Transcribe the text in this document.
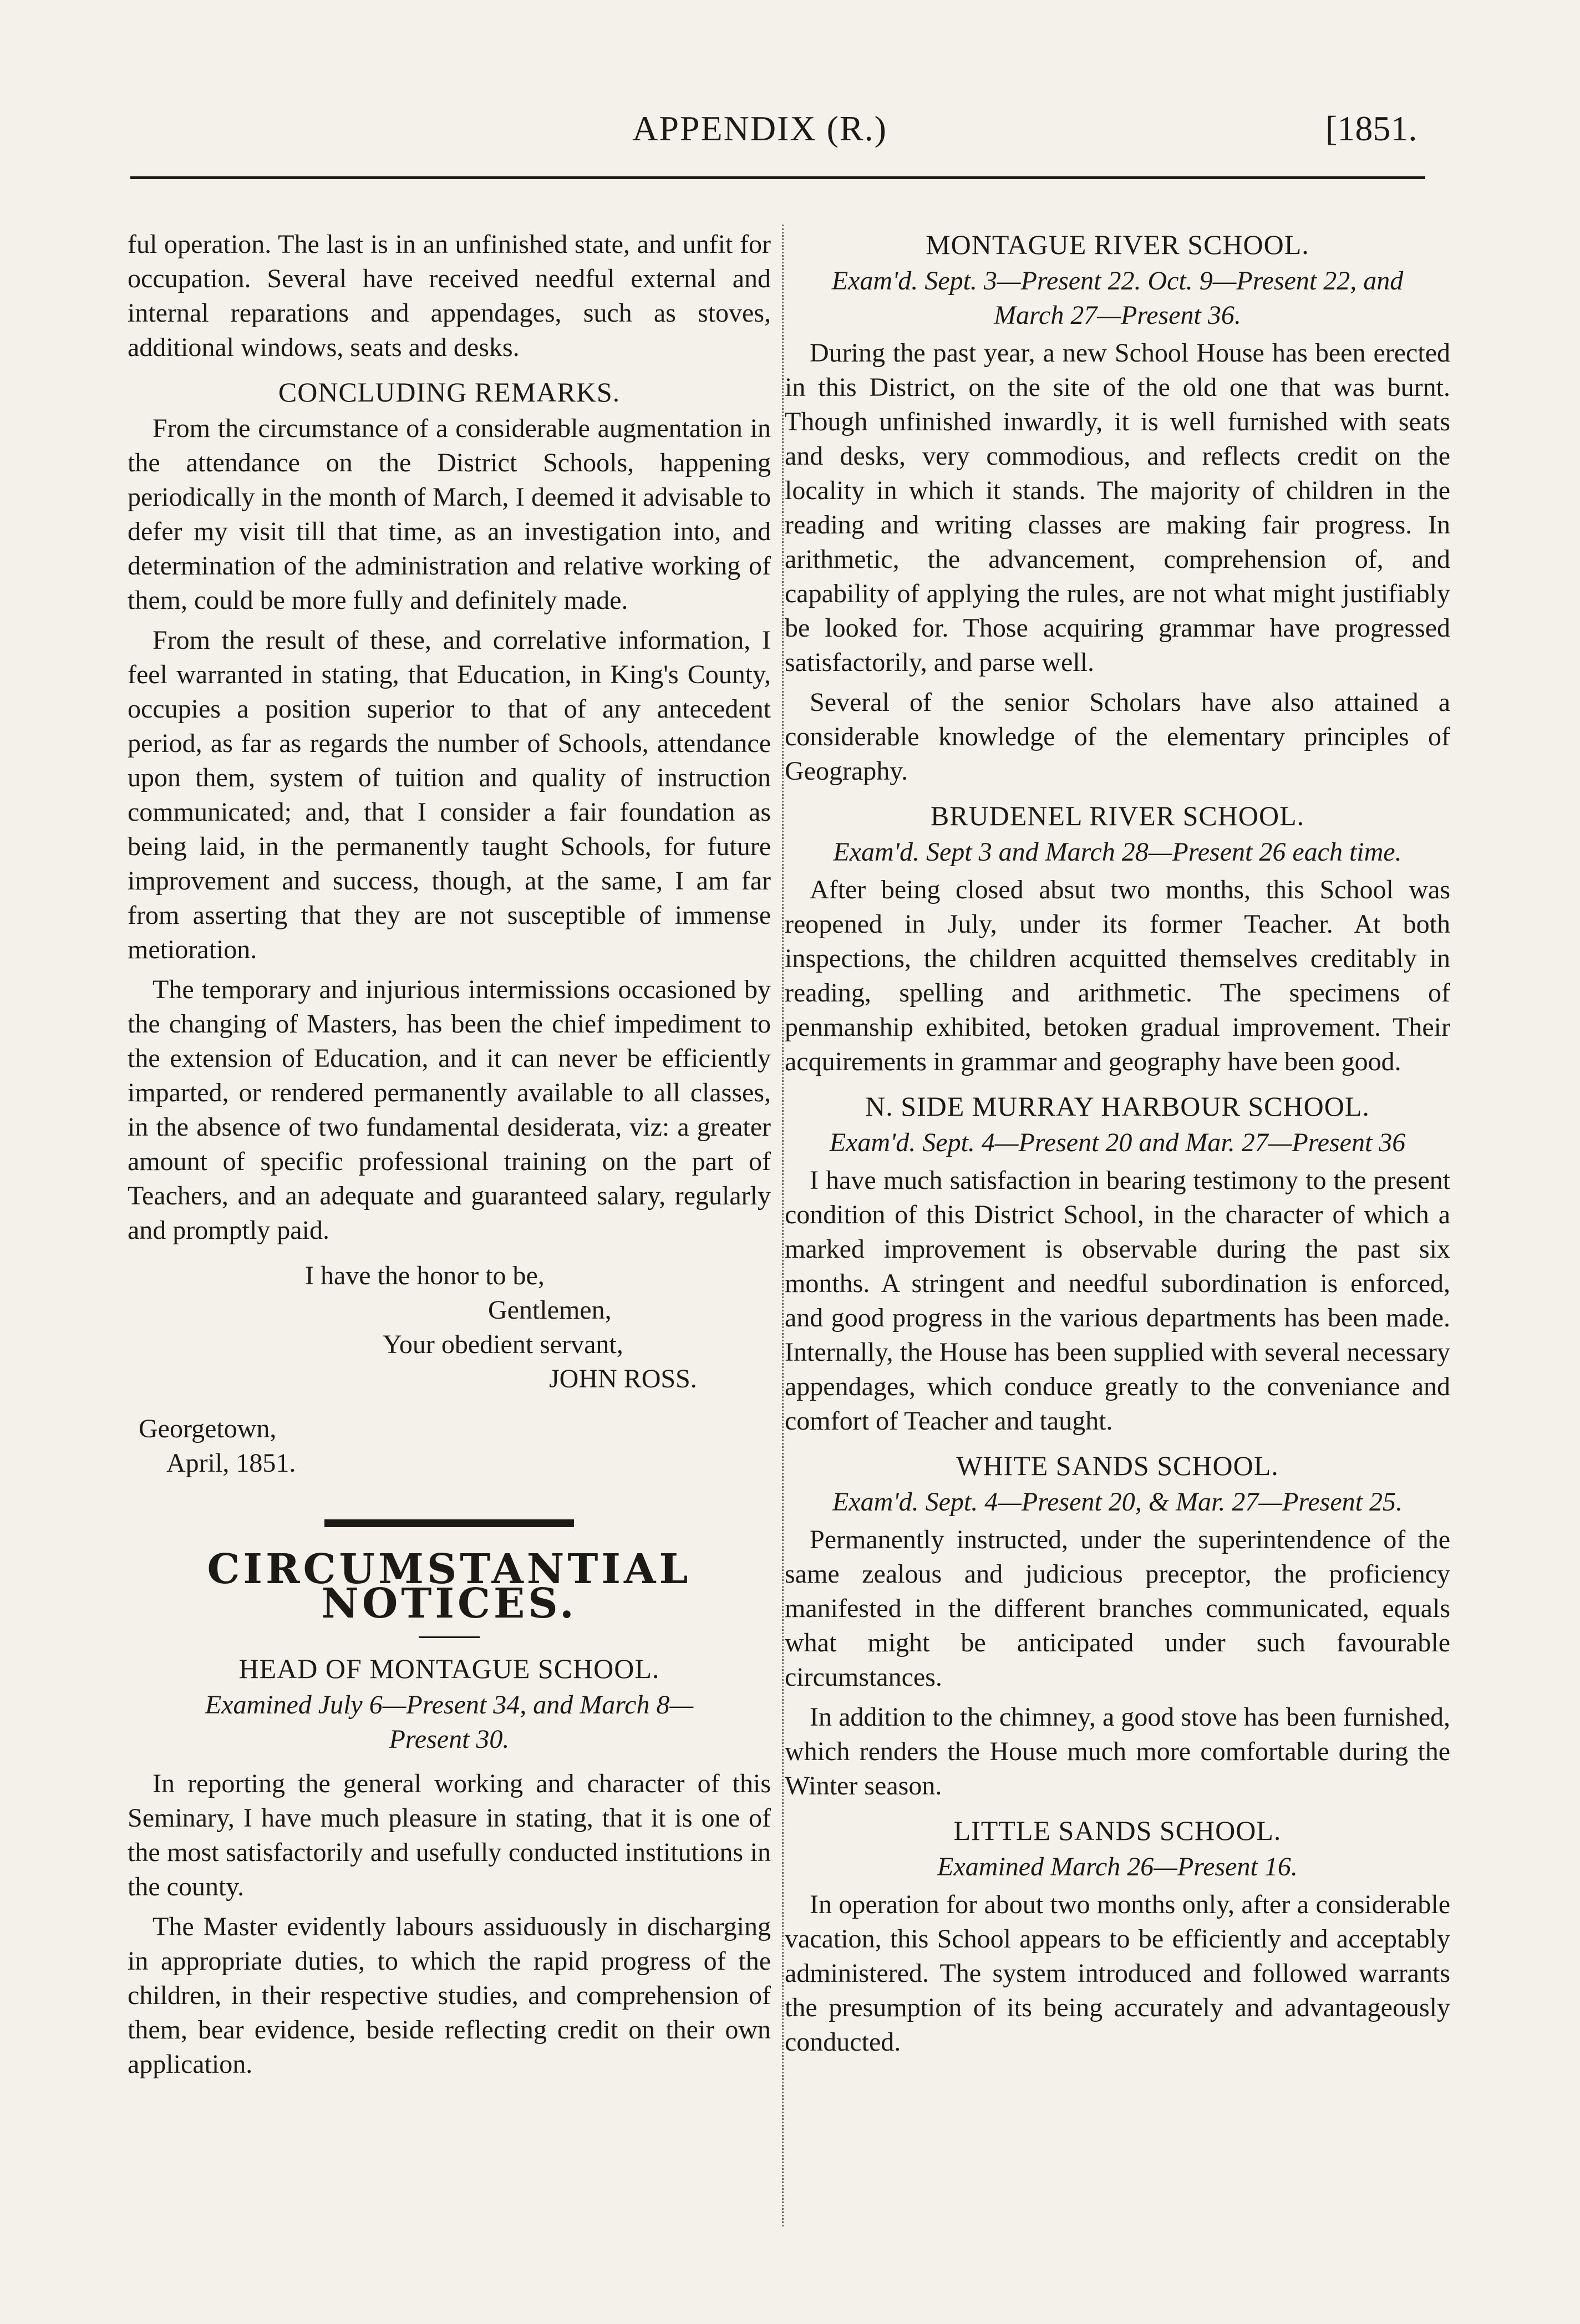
APPENDIX (R.)	[1851.

ful operation. The last is in an unfinished state, and unfit for occupation. Several have received needful external and internal reparations and appendages, such as stoves, additional windows, seats and desks.

CONCLUDING REMARKS.

From the circumstance of a considerable augmentation in the attendance on the District Schools, happening periodically in the month of March, I deemed it advisable to defer my visit till that time, as an investigation into, and determination of the administration and relative working of them, could be more fully and definitely made.

From the result of these, and correlative information, I feel warranted in stating, that Education, in King's County, occupies a position superior to that of any antecedent period, as far as regards the number of Schools, attendance upon them, system of tuition and quality of instruction communicated; and, that I consider a fair foundation as being laid, in the permanently taught Schools, for future improvement and success, though, at the same, I am far from asserting that they are not susceptible of immense metioration.

The temporary and injurious intermissions occasioned by the changing of Masters, has been the chief impediment to the extension of Education, and it can never be efficiently imparted, or rendered permanently available to all classes, in the absence of two fundamental desiderata, viz: a greater amount of specific professional training on the part of Teachers, and an adequate and guaranteed salary, regularly and promptly paid.

I have the honor to be,
Gentlemen,
Your obedient servant,
JOHN ROSS.
Georgetown,
April, 1851.
CIRCUMSTANTIAL NOTICES.
HEAD OF MONTAGUE SCHOOL.
Examined July 6—Present 34, and March 8—
Present 30.

In reporting the general working and character of this Seminary, I have much pleasure in stating, that it is one of the most satisfactorily and usefully conducted institutions in the county.

The Master evidently labours assiduously in discharging in appropriate duties, to which the rapid progress of the children, in their respective studies, and comprehension of them, bear evidence, beside reflecting credit on their own application.

MONTAGUE RIVER SCHOOL.
Exam'd. Sept. 3—Present 22. Oct. 9—Present 22, and
March 27—Present 36.

During the past year, a new School House has been erected in this District, on the site of the old one that was burnt. Though unfinished inwardly, it is well furnished with seats and desks, very commodious, and reflects credit on the locality in which it stands. The majority of children in the reading and writing classes are making fair progress. In arithmetic, the advancement, comprehension of, and capability of applying the rules, are not what might justifiably be looked for. Those acquiring grammar have progressed satisfactorily, and parse well.

Several of the senior Scholars have also attained a considerable knowledge of the elementary principles of Geography.

BRUDENEL RIVER SCHOOL.
Exam'd. Sept 3 and March 28—Present 26 each time.

After being closed absut two months, this School was reopened in July, under its former Teacher. At both inspections, the children acquitted themselves creditably in reading, spelling and arithmetic. The specimens of penmanship exhibited, betoken gradual improvement. Their acquirements in grammar and geography have been good.

N. SIDE MURRAY HARBOUR SCHOOL.
Exam'd. Sept. 4—Present 20 and Mar. 27—Present 36

I have much satisfaction in bearing testimony to the present condition of this District School, in the character of which a marked improvement is observable during the past six months. A stringent and needful subordination is enforced, and good progress in the various departments has been made. Internally, the House has been supplied with several necessary appendages, which conduce greatly to the conveniance and comfort of Teacher and taught.

WHITE SANDS SCHOOL.
Exam'd. Sept. 4—Present 20, & Mar. 27—Present 25.

Permanently instructed, under the superintendence of the same zealous and judicious preceptor, the proficiency manifested in the different branches communicated, equals what might be anticipated under such favourable circumstances.

In addition to the chimney, a good stove has been furnished, which renders the House much more comfortable during the Winter season.

LITTLE SANDS SCHOOL.
Examined March 26—Present 16.

In operation for about two months only, after a considerable vacation, this School appears to be efficiently and acceptably administered. The system introduced and followed warrants the presumption of its being accurately and advantageously conducted.
